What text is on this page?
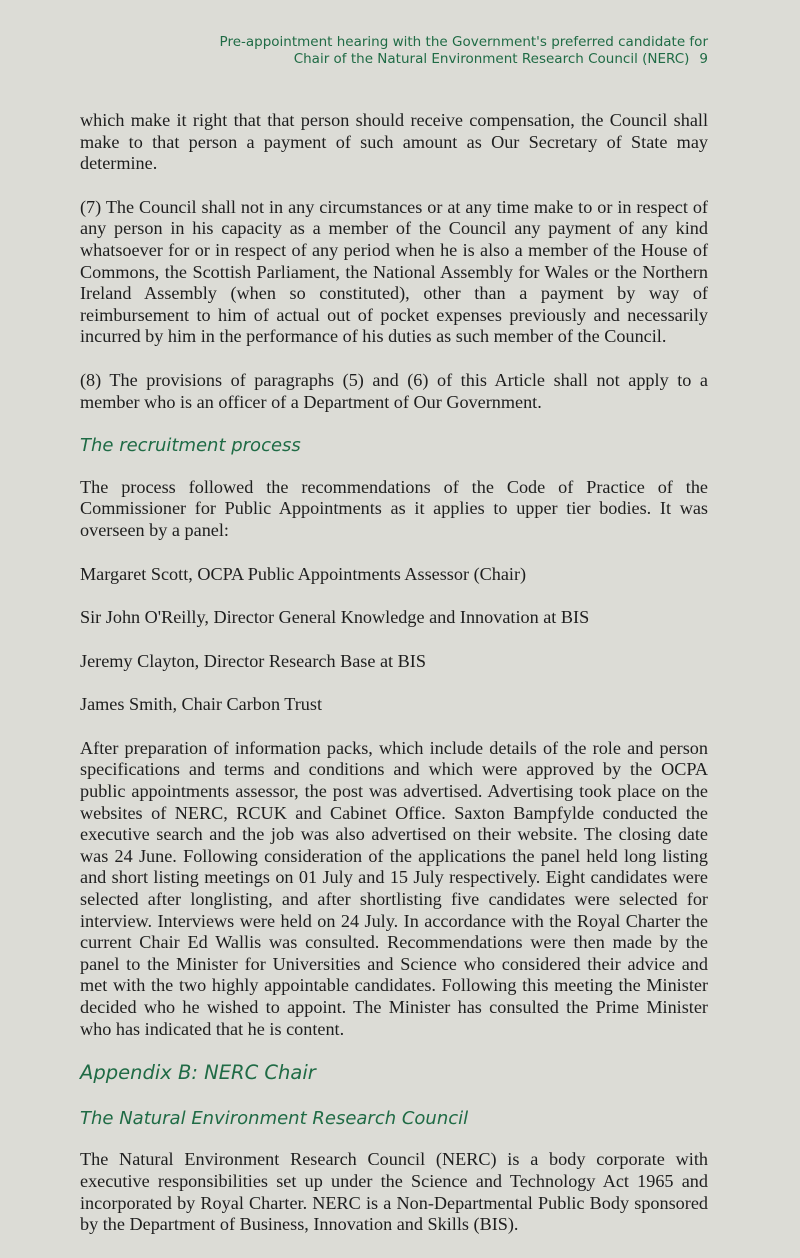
Pre-appointment hearing with the Government's preferred candidate for
Chair of the Natural Environment Research Council (NERC) 9

which make it right that that person should receive compensation, the Council shall make to that person a payment of such amount as Our Secretary of State may determine.

(7) The Council shall not in any circumstances or at any time make to or in respect of any person in his capacity as a member of the Council any payment of any kind whatsoever for or in respect of any period when he is also a member of the House of Commons, the Scottish Parliament, the National Assembly for Wales or the Northern Ireland Assembly (when so constituted), other than a payment by way of reimbursement to him of actual out of pocket expenses previously and necessarily incurred by him in the performance of his duties as such member of the Council.

(8) The provisions of paragraphs (5) and (6) of this Article shall not apply to a member who is an officer of a Department of Our Government.

The recruitment process

The process followed the recommendations of the Code of Practice of the Commissioner for Public Appointments as it applies to upper tier bodies. It was overseen by a panel:

Margaret Scott, OCPA Public Appointments Assessor (Chair)

Sir John O'Reilly, Director General Knowledge and Innovation at BIS

Jeremy Clayton, Director Research Base at BIS

James Smith, Chair Carbon Trust

After preparation of information packs, which include details of the role and person specifications and terms and conditions and which were approved by the OCPA public appointments assessor, the post was advertised. Advertising took place on the websites of NERC, RCUK and Cabinet Office. Saxton Bampfylde conducted the executive search and the job was also advertised on their website. The closing date was 24 June. Following consideration of the applications the panel held long listing and short listing meetings on 01 July and 15 July respectively. Eight candidates were selected after longlisting, and after shortlisting five candidates were selected for interview. Interviews were held on 24 July. In accordance with the Royal Charter the current Chair Ed Wallis was consulted. Recommendations were then made by the panel to the Minister for Universities and Science who considered their advice and met with the two highly appointable candidates. Following this meeting the Minister decided who he wished to appoint. The Minister has consulted the Prime Minister who has indicated that he is content.

Appendix B: NERC Chair
The Natural Environment Research Council

The Natural Environment Research Council (NERC) is a body corporate with executive responsibilities set up under the Science and Technology Act 1965 and incorporated by Royal Charter. NERC is a Non-Departmental Public Body sponsored by the Department of Business, Innovation and Skills (BIS).
